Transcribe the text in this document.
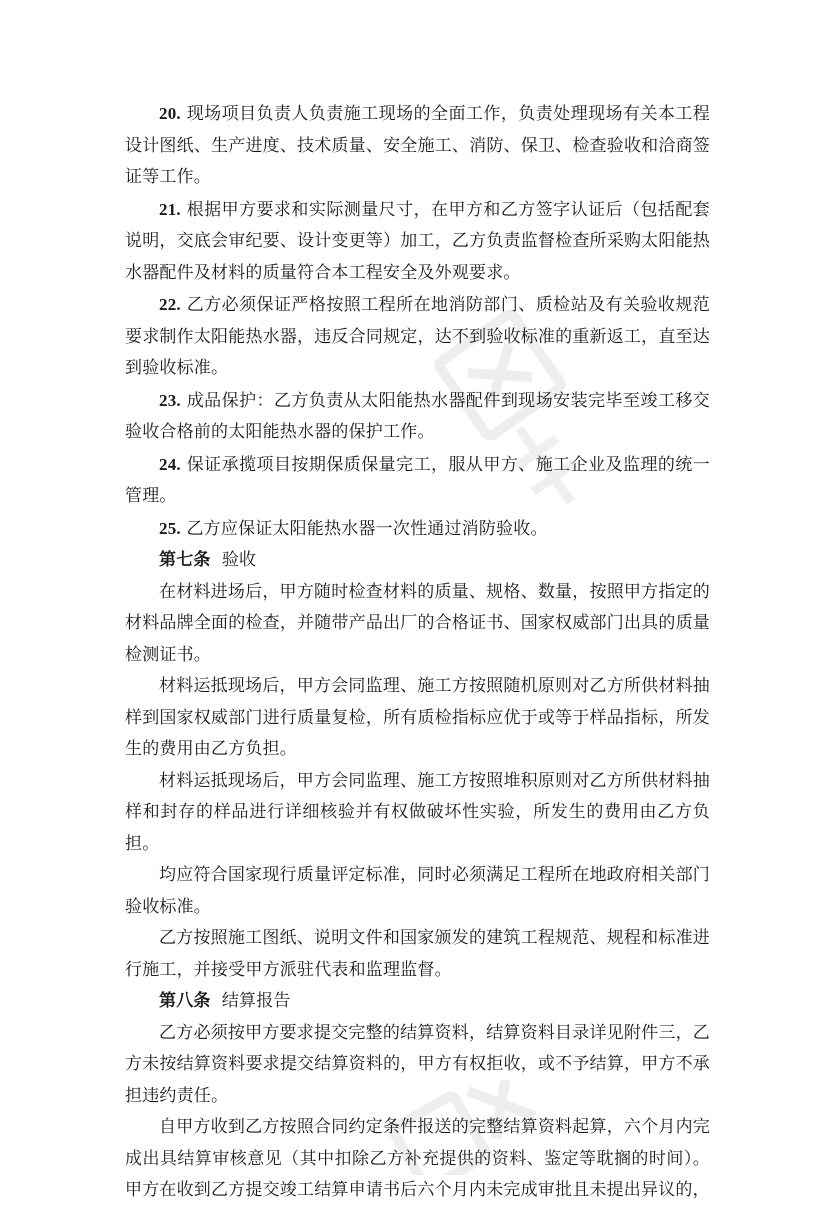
20. 现场项目负责人负责施工现场的全面工作，负责处理现场有关本工程设计图纸、生产进度、技术质量、安全施工、消防、保卫、检查验收和洽商签证等工作。

21. 根据甲方要求和实际测量尺寸，在甲方和乙方签字认证后（包括配套说明，交底会审纪要、设计变更等）加工，乙方负责监督检查所采购太阳能热水器配件及材料的质量符合本工程安全及外观要求。

22. 乙方必须保证严格按照工程所在地消防部门、质检站及有关验收规范要求制作太阳能热水器，违反合同规定，达不到验收标准的重新返工，直至达到验收标准。

23. 成品保护：乙方负责从太阳能热水器配件到现场安装完毕至竣工移交验收合格前的太阳能热水器的保护工作。

24. 保证承揽项目按期保质保量完工，服从甲方、施工企业及监理的统一管理。

25. 乙方应保证太阳能热水器一次性通过消防验收。

第七条 验收

在材料进场后，甲方随时检查材料的质量、规格、数量，按照甲方指定的材料品牌全面的检查，并随带产品出厂的合格证书、国家权威部门出具的质量检测证书。

材料运抵现场后，甲方会同监理、施工方按照随机原则对乙方所供材料抽样到国家权威部门进行质量复检，所有质检指标应优于或等于样品指标，所发生的费用由乙方负担。

材料运抵现场后，甲方会同监理、施工方按照堆积原则对乙方所供材料抽样和封存的样品进行详细核验并有权做破坏性实验，所发生的费用由乙方负担。

均应符合国家现行质量评定标准，同时必须满足工程所在地政府相关部门验收标准。

乙方按照施工图纸、说明文件和国家颁发的建筑工程规范、规程和标准进行施工，并接受甲方派驻代表和监理监督。

第八条 结算报告

乙方必须按甲方要求提交完整的结算资料，结算资料目录详见附件三，乙方未按结算资料要求提交结算资料的，甲方有权拒收，或不予结算，甲方不承担违约责任。

自甲方收到乙方按照合同约定条件报送的完整结算资料起算，六个月内完成出具结算审核意见（其中扣除乙方补充提供的资料、鉴定等耽搁的时间）。甲方在收到乙方提交竣工结算申请书后六个月内未完成审批且未提出异议的，
